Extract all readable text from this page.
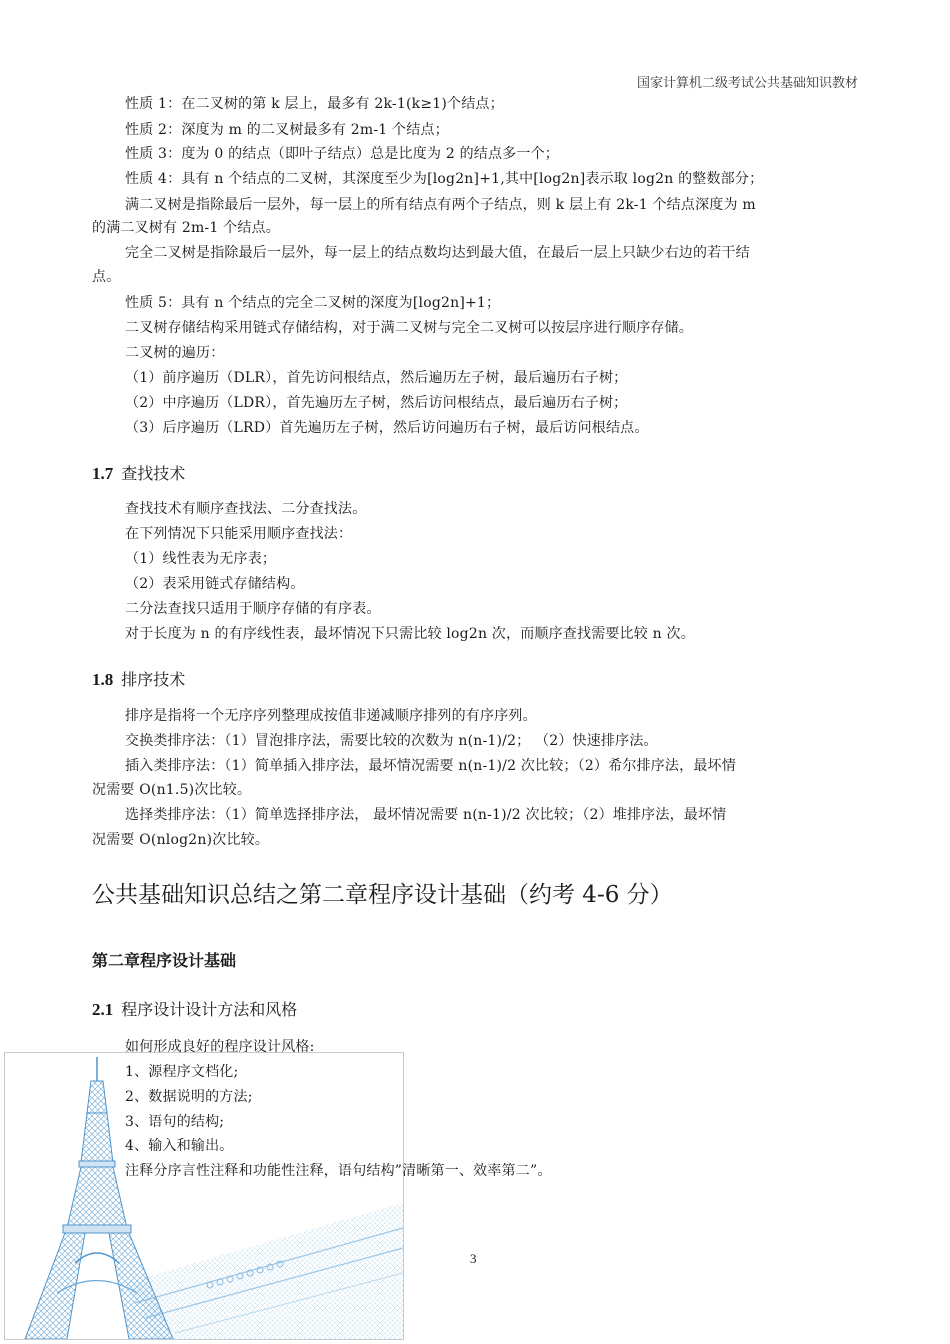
国家计算机二级考试公共基础知识教材
性质 1：在二叉树的第 k 层上，最多有 2k-1(k≥1)个结点；
性质 2：深度为 m 的二叉树最多有 2m-1 个结点；
性质 3：度为 0 的结点（即叶子结点）总是比度为 2 的结点多一个；
性质 4：具有 n 个结点的二叉树，其深度至少为[log2n]+1,其中[log2n]表示取 log2n 的整数部分；
满二叉树是指除最后一层外，每一层上的所有结点有两个子结点，则 k 层上有 2k-1 个结点深度为 m
的满二叉树有 2m-1 个结点。
完全二叉树是指除最后一层外，每一层上的结点数均达到最大值，在最后一层上只缺少右边的若干结
点。
性质 5：具有 n 个结点的完全二叉树的深度为[log2n]+1；
二叉树存储结构采用链式存储结构，对于满二叉树与完全二叉树可以按层序进行顺序存储。
二叉树的遍历：
（1）前序遍历（DLR），首先访问根结点，然后遍历左子树，最后遍历右子树；
（2）中序遍历（LDR），首先遍历左子树，然后访问根结点，最后遍历右子树；
（3）后序遍历（LRD）首先遍历左子树，然后访问遍历右子树，最后访问根结点。
1.7 查找技术
查找技术有顺序查找法、二分查找法。
在下列情况下只能采用顺序查找法：
（1）线性表为无序表；
（2）表采用链式存储结构。
二分法查找只适用于顺序存储的有序表。
对于长度为 n 的有序线性表，最坏情况下只需比较 log2n 次，而顺序查找需要比较 n 次。
1.8 排序技术
排序是指将一个无序序列整理成按值非递减顺序排列的有序序列。
交换类排序法：（1）冒泡排序法，需要比较的次数为 n(n-1)/2； （2）快速排序法。
插入类排序法：（1）简单插入排序法，最坏情况需要 n(n-1)/2 次比较；（2）希尔排序法，最坏情
况需要 O(n1.5)次比较。
选择类排序法：（1）简单选择排序法， 最坏情况需要 n(n-1)/2 次比较；（2）堆排序法，最坏情
况需要 O(nlog2n)次比较。
公共基础知识总结之第二章程序设计基础（约考 4-6 分）
第二章程序设计基础
2.1 程序设计设计方法和风格
如何形成良好的程序设计风格:
1、源程序文档化;
2、数据说明的方法;
3、语句的结构;
4、输入和输出。
注释分序言性注释和功能性注释，语句结构”清晰第一、效率第二”。
3
